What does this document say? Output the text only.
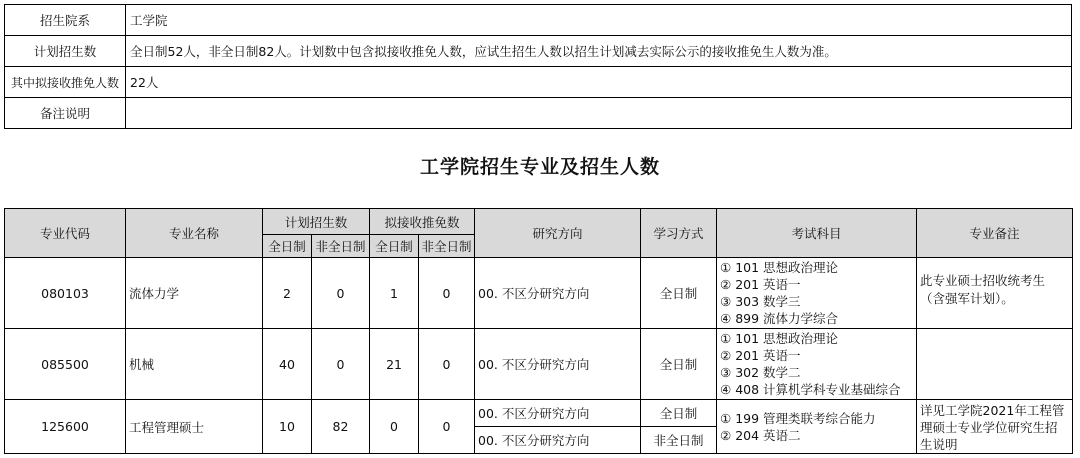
招生院系	工学院
计划招生数	全日制52人，非全日制82人。计划数中包含拟接收推免人数，应试生招生人数以招生计划减去实际公示的接收推免生人数为准。
其中拟接收推免人数	22人
备注说明	
工学院招生专业及招生人数
专业代码	专业名称	计划招生数		拟接收推免数		研究方向	学习方式	考试科目	专业备注
		全日制	非全日制	全日制	非全日制				
080103	流体力学	2	0	1	0	00. 不区分研究方向	全日制	① 101 思想政治理论
② 201 英语一
③ 303 数学三
④ 899 流体力学综合	此专业硕士招收统考生（含强军计划）。
085500	机械	40	0	21	0	00. 不区分研究方向	全日制	① 101 思想政治理论
② 201 英语一
③ 302 数学二
④ 408 计算机学科专业基础综合	

125600	工程管理硕士	10	82	0	0	00. 不区分研究方向	全日制	① 199 管理类联考综合能力
② 204 英语二	详见工学院2021年工程管理硕士专业学位研究生招生说明
						00. 不区分研究方向	非全日制		
